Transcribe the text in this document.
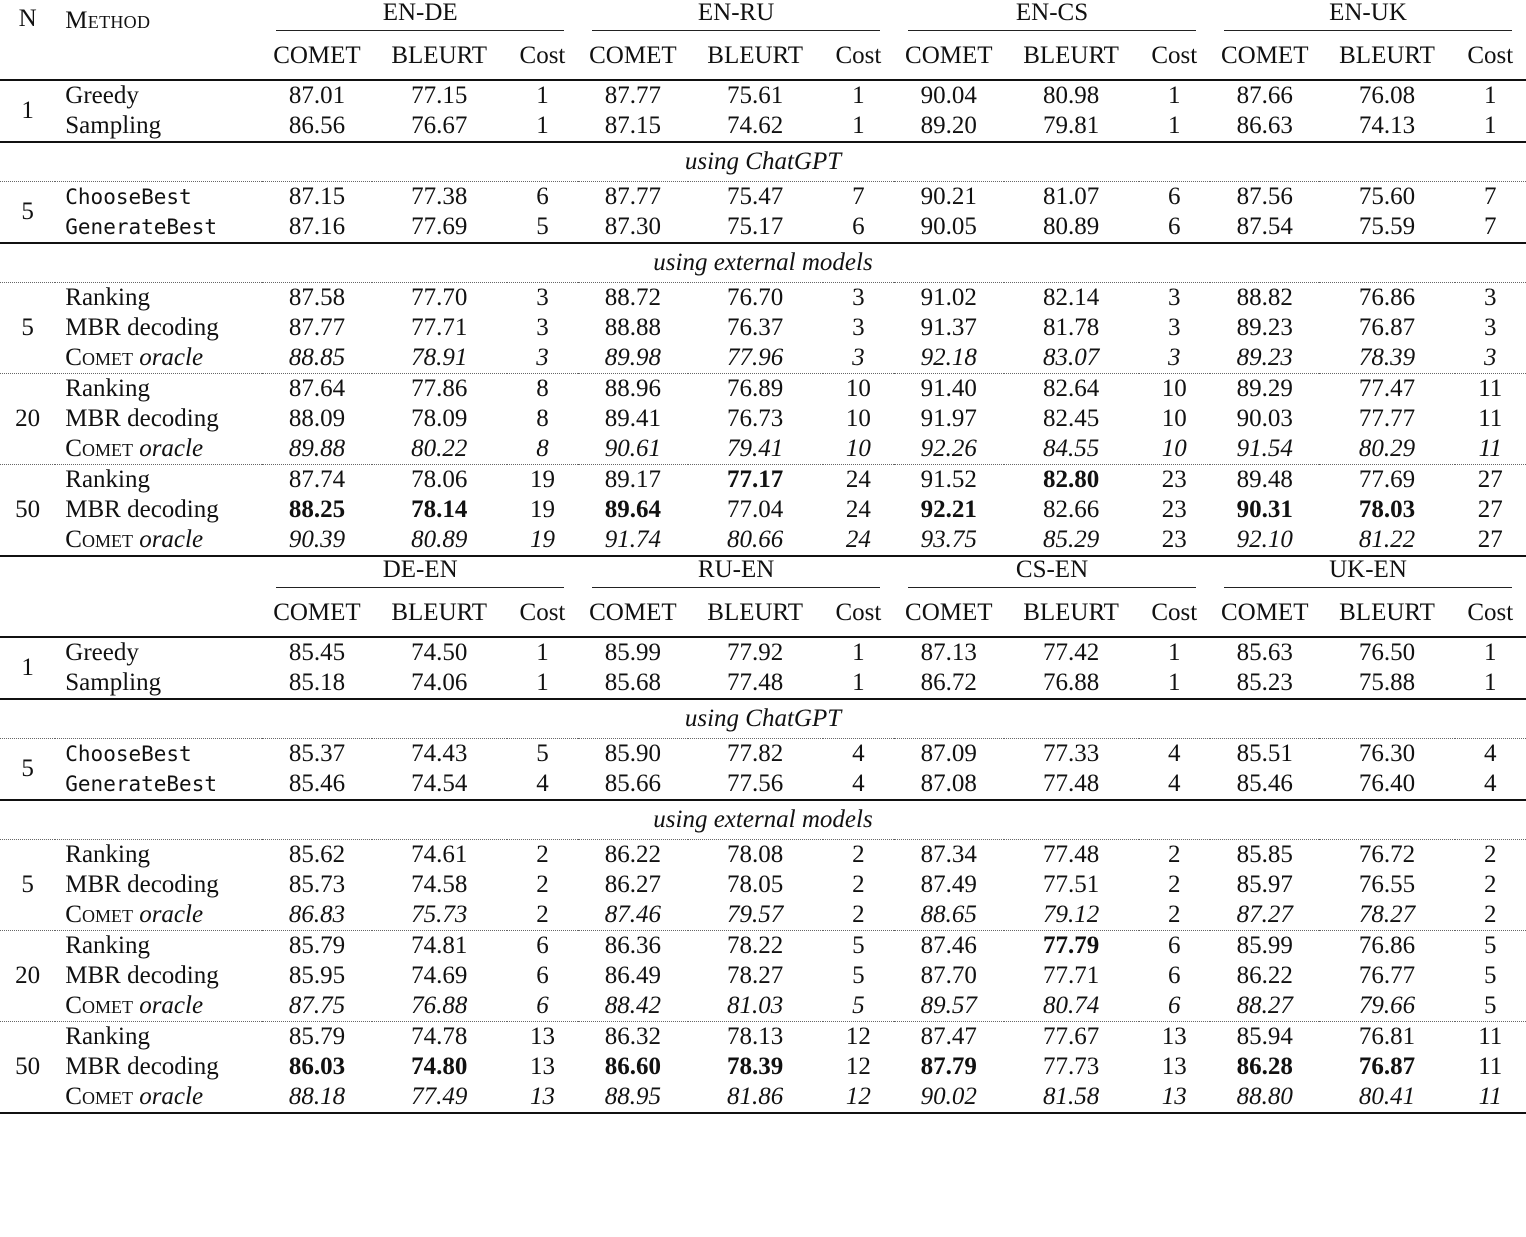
N	Method	EN-DE			EN-RU			EN-CS			EN-UK		
		COMET	BLEURT	Cost	COMET	BLEURT	Cost	COMET	BLEURT	Cost	COMET	BLEURT	Cost
1	Greedy	87.01	77.15	1	87.77	75.61	1	90.04	80.98	1	87.66	76.08	1
	Sampling	86.56	76.67	1	87.15	74.62	1	89.20	79.81	1	86.63	74.13	1
using ChatGPT													
5	ChooseBest	87.15	77.38	6	87.77	75.47	7	90.21	81.07	6	87.56	75.60	7
	GenerateBest	87.16	77.69	5	87.30	75.17	6	90.05	80.89	6	87.54	75.59	7
using external models													
5	Ranking	87.58	77.70	3	88.72	76.70	3	91.02	82.14	3	88.82	76.86	3
	MBR decoding	87.77	77.71	3	88.88	76.37	3	91.37	81.78	3	89.23	76.87	3
	Comet oracle	88.85	78.91	3	89.98	77.96	3	92.18	83.07	3	89.23	78.39	3
20	Ranking	87.64	77.86	8	88.96	76.89	10	91.40	82.64	10	89.29	77.47	11
	MBR decoding	88.09	78.09	8	89.41	76.73	10	91.97	82.45	10	90.03	77.77	11
	Comet oracle	89.88	80.22	8	90.61	79.41	10	92.26	84.55	10	91.54	80.29	11
50	Ranking	87.74	78.06	19	89.17	77.17	24	91.52	82.80	23	89.48	77.69	27
	MBR decoding	88.25	78.14	19	89.64	77.04	24	92.21	82.66	23	90.31	78.03	27
	Comet oracle	90.39	80.89	19	91.74	80.66	24	93.75	85.29	23	92.10	81.22	27
		DE-EN			RU-EN			CS-EN			UK-EN		
		COMET	BLEURT	Cost	COMET	BLEURT	Cost	COMET	BLEURT	Cost	COMET	BLEURT	Cost
1	Greedy	85.45	74.50	1	85.99	77.92	1	87.13	77.42	1	85.63	76.50	1
	Sampling	85.18	74.06	1	85.68	77.48	1	86.72	76.88	1	85.23	75.88	1
using ChatGPT													
5	ChooseBest	85.37	74.43	5	85.90	77.82	4	87.09	77.33	4	85.51	76.30	4
	GenerateBest	85.46	74.54	4	85.66	77.56	4	87.08	77.48	4	85.46	76.40	4
using external models													
5	Ranking	85.62	74.61	2	86.22	78.08	2	87.34	77.48	2	85.85	76.72	2
	MBR decoding	85.73	74.58	2	86.27	78.05	2	87.49	77.51	2	85.97	76.55	2
	Comet oracle	86.83	75.73	2	87.46	79.57	2	88.65	79.12	2	87.27	78.27	2
20	Ranking	85.79	74.81	6	86.36	78.22	5	87.46	77.79	6	85.99	76.86	5
	MBR decoding	85.95	74.69	6	86.49	78.27	5	87.70	77.71	6	86.22	76.77	5
	Comet oracle	87.75	76.88	6	88.42	81.03	5	89.57	80.74	6	88.27	79.66	5
50	Ranking	85.79	74.78	13	86.32	78.13	12	87.47	77.67	13	85.94	76.81	11
	MBR decoding	86.03	74.80	13	86.60	78.39	12	87.79	77.73	13	86.28	76.87	11
	Comet oracle	88.18	77.49	13	88.95	81.86	12	90.02	81.58	13	88.80	80.41	11
